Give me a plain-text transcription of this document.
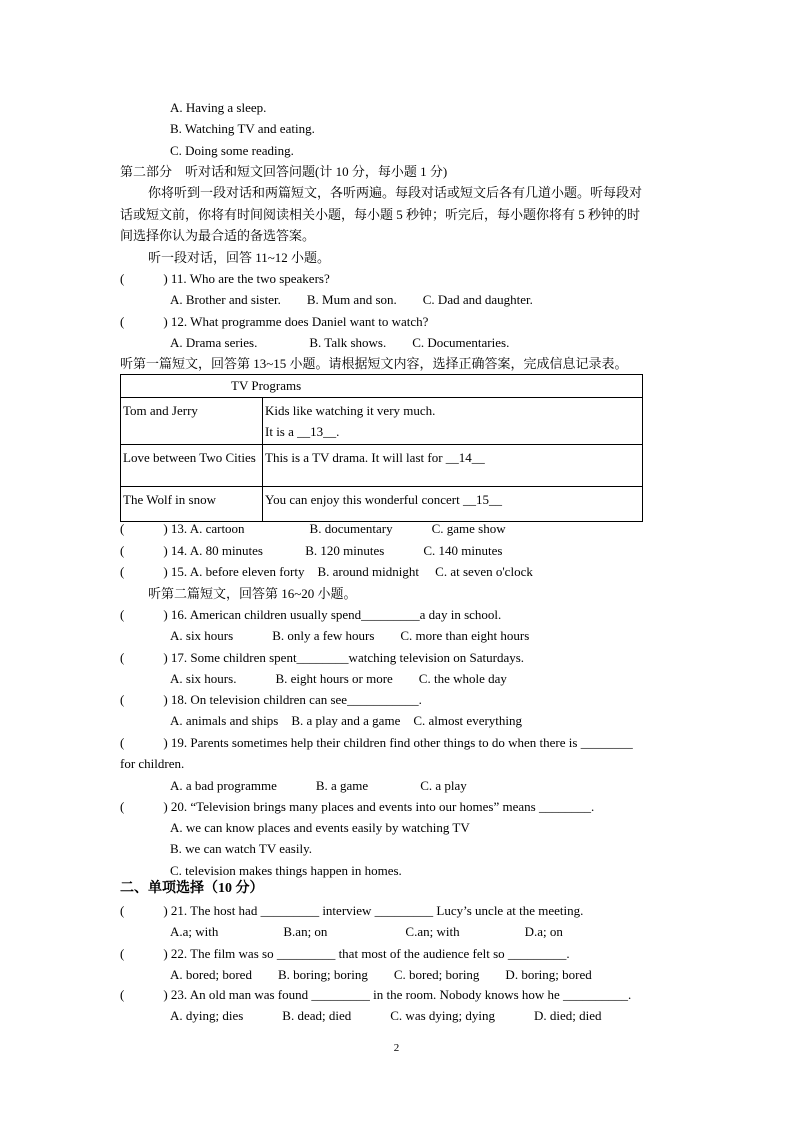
A. Having a sleep.
B. Watching TV and eating.
C. Doing some reading.
第二部分　听对话和短文回答问题(计 10 分，每小题 1 分)
你将听到一段对话和两篇短文，各听两遍。每段对话或短文后各有几道小题。听每段对
话或短文前，你将有时间阅读相关小题，每小题 5 秒钟；听完后，每小题你将有 5 秒钟的时
间选择你认为最合适的备选答案。
听一段对话，回答 11~12 小题。
(　　　) 11. Who are the two speakers?
A. Brother and sister.　　B. Mum and son.　　C. Dad and daughter.
(　　　) 12. What programme does Daniel want to watch?
A. Drama series.　　　　B. Talk shows.　　C. Documentaries.
听第一篇短文，回答第 13~15 小题。请根据短文内容，选择正确答案，完成信息记录表。
(　　　) 13. A. cartoon　　　　　B. documentary　　　C. game show
(　　　) 14. A. 80 minutes　　　 B. 120 minutes　　　C. 140 minutes
(　　　) 15. A. before eleven forty　B. around midnight　 C. at seven o'clock
听第二篇短文，回答第 16~20 小题。
(　　　) 16. American children usually spend_________a day in school.
A. six hours　　　B. only a few hours　　C. more than eight hours
(　　　) 17. Some children spent________watching television on Saturdays.
A. six hours.　　　B. eight hours or more　　C. the whole day
(　　　) 18. On television children can see___________.
A. animals and ships　B. a play and a game　C. almost everything
(　　　) 19. Parents sometimes help their children find other things to do when there is ________
for children.
A. a bad programme　　　B. a game　　　　C. a play
(　　　) 20. “Television brings many places and events into our homes” means ________.
A. we can know places and events easily by watching TV
B. we can watch TV easily.
C. television makes things happen in homes.
(　　　) 21. The host had _________ interview _________ Lucy’s uncle at the meeting.
A.a; with　　　　　B.an; on　　　　　　C.an; with　　　　　D.a; on
(　　　) 22. The film was so _________ that most of the audience felt so _________.
A. bored; bored　　B. boring; boring　　C. bored; boring　　D. boring; bored
(　　　) 23. An old man was found _________ in the room. Nobody knows how he __________.
A. dying; dies　　　B. dead; died　　　C. was dying; dying　　　D. died; died
二、单项选择（10 分）
TV Programs	
Tom and Jerry	Kids like watching it very much.
It is a __13__.

Love between Two Cities	This is a TV drama. It will last for __14__

The Wolf in snow	You can enjoy this wonderful concert __15__
2
